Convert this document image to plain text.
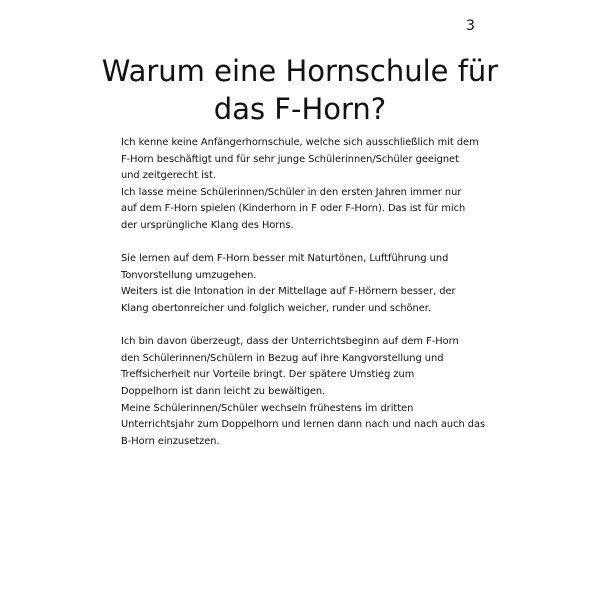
3
Warum eine Hornschule für
das F-Horn?
Ich kenne keine Anfängerhornschule, welche sich ausschließlich mit dem
F-Horn beschäftigt und für sehr junge Schülerinnen/Schüler geeignet
und zeitgerecht ist.
Ich lasse meine Schülerinnen/Schüler in den ersten Jahren immer nur
auf dem F-Horn spielen (Kinderhorn in F oder F-Horn). Das ist für mich
der ursprüngliche Klang des Horns.
Sie lernen auf dem F-Horn besser mit Naturtönen, Luftführung und
Tonvorstellung umzugehen.
Weiters ist die Intonation in der Mittellage auf F-Hörnern besser, der
Klang obertonreicher und folglich weicher, runder und schöner.
Ich bin davon überzeugt, dass der Unterrichtsbeginn auf dem F-Horn
den Schülerinnen/Schülern in Bezug auf ihre Kangvorstellung und
Treffsicherheit nur Vorteile bringt. Der spätere Umstieg zum
Doppelhorn ist dann leicht zu bewältigen.
Meine Schülerinnen/Schüler wechseln frühestens im dritten
Unterrichtsjahr zum Doppelhorn und lernen dann nach und nach auch das
B-Horn einzusetzen.
